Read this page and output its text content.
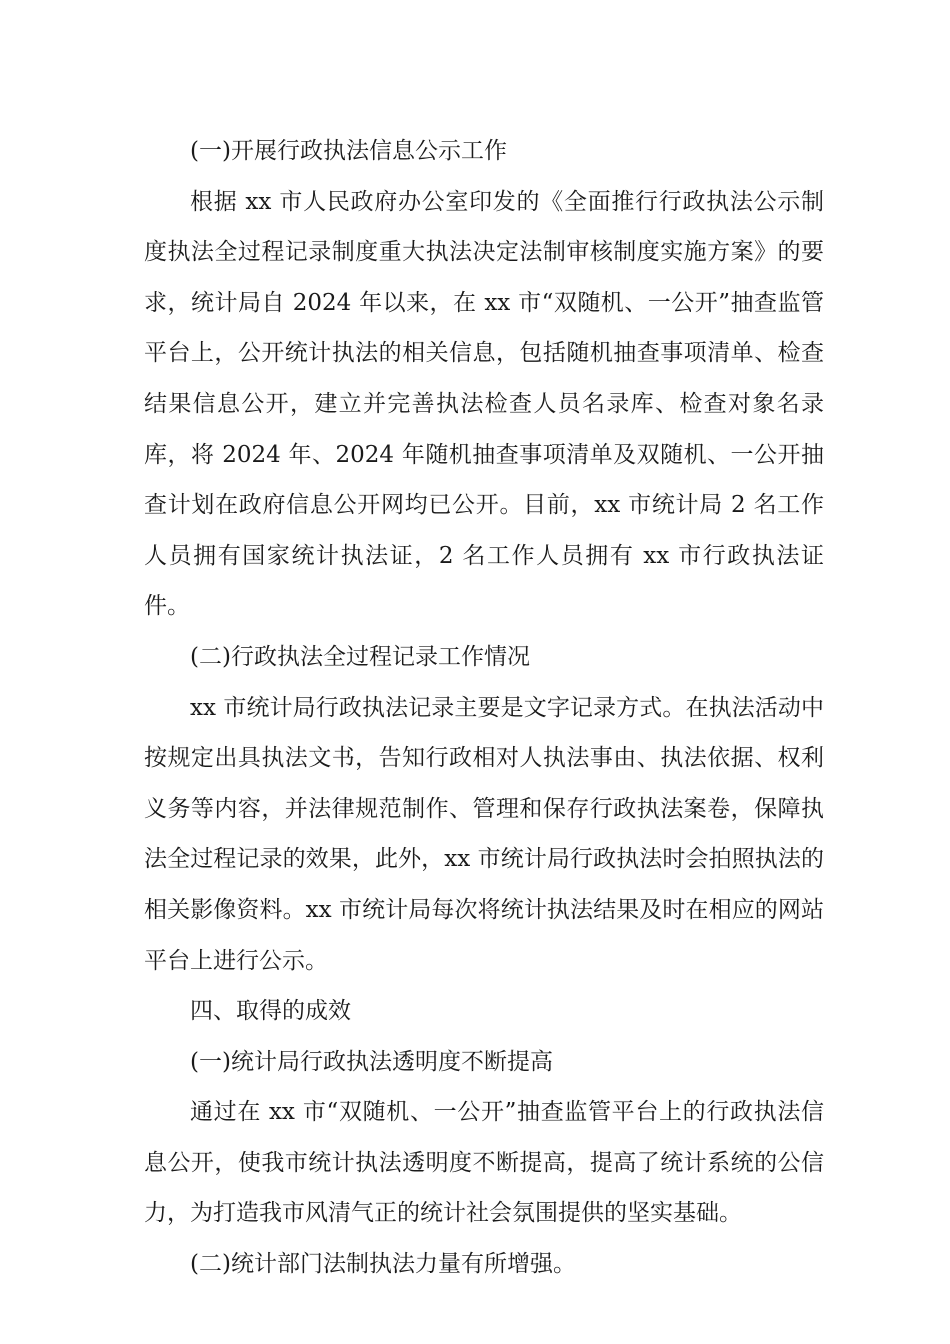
(一)开展行政执法信息公示工作

根据 xx 市人民政府办公室印发的《全面推行行政执法公示制度执法全过程记录制度重大执法决定法制审核制度实施方案》的要求，统计局自 2024 年以来，在 xx 市“双随机、一公开”抽查监管平台上，公开统计执法的相关信息，包括随机抽查事项清单、检查结果信息公开，建立并完善执法检查人员名录库、检查对象名录库，将 2024 年、2024 年随机抽查事项清单及双随机、一公开抽查计划在政府信息公开网均已公开。目前，xx 市统计局 2 名工作人员拥有国家统计执法证，2 名工作人员拥有 xx 市行政执法证件。

(二)行政执法全过程记录工作情况

xx 市统计局行政执法记录主要是文字记录方式。在执法活动中按规定出具执法文书，告知行政相对人执法事由、执法依据、权利义务等内容，并法律规范制作、管理和保存行政执法案卷，保障执法全过程记录的效果，此外，xx 市统计局行政执法时会拍照执法的相关影像资料。xx 市统计局每次将统计执法结果及时在相应的网站平台上进行公示。

四、取得的成效

(一)统计局行政执法透明度不断提高

通过在 xx 市“双随机、一公开”抽查监管平台上的行政执法信息公开，使我市统计执法透明度不断提高，提高了统计系统的公信力，为打造我市风清气正的统计社会氛围提供的坚实基础。

(二)统计部门法制执法力量有所增强。
